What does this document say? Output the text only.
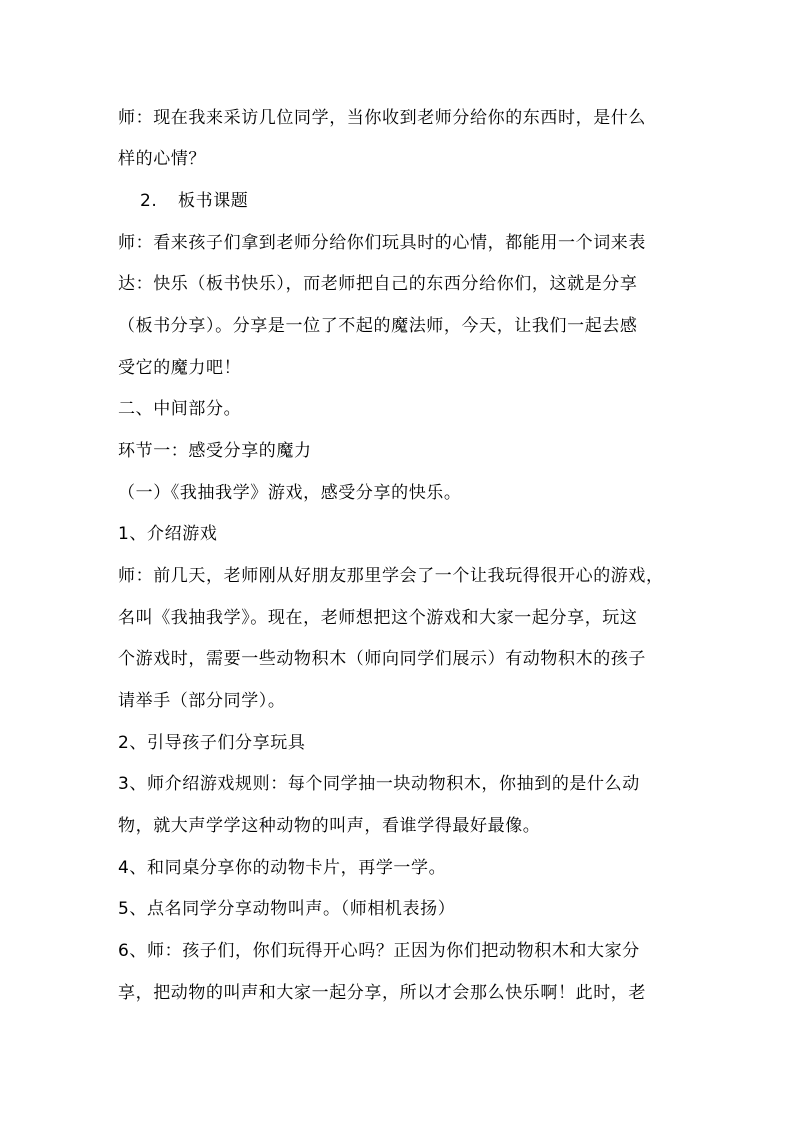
师：现在我来采访几位同学，当你收到老师分给你的东西时，是什么
样的心情？
2. 板书课题
师：看来孩子们拿到老师分给你们玩具时的心情，都能用一个词来表
达：快乐（板书快乐），而老师把自己的东西分给你们，这就是分享
（板书分享）。分享是一位了不起的魔法师，今天，让我们一起去感
受它的魔力吧！
二、中间部分。
环节一：感受分享的魔力
（一）《我抽我学》游戏，感受分享的快乐。
1、介绍游戏
师：前几天，老师刚从好朋友那里学会了一个让我玩得很开心的游戏，
名叫《我抽我学》。现在，老师想把这个游戏和大家一起分享，玩这
个游戏时，需要一些动物积木（师向同学们展示）有动物积木的孩子
请举手（部分同学）。
2、引导孩子们分享玩具
3、师介绍游戏规则：每个同学抽一块动物积木，你抽到的是什么动
物，就大声学学这种动物的叫声，看谁学得最好最像。
4、和同桌分享你的动物卡片，再学一学。
5、点名同学分享动物叫声。（师相机表扬）
6、师：孩子们，你们玩得开心吗？正因为你们把动物积木和大家分
享，把动物的叫声和大家一起分享，所以才会那么快乐啊！此时，老
